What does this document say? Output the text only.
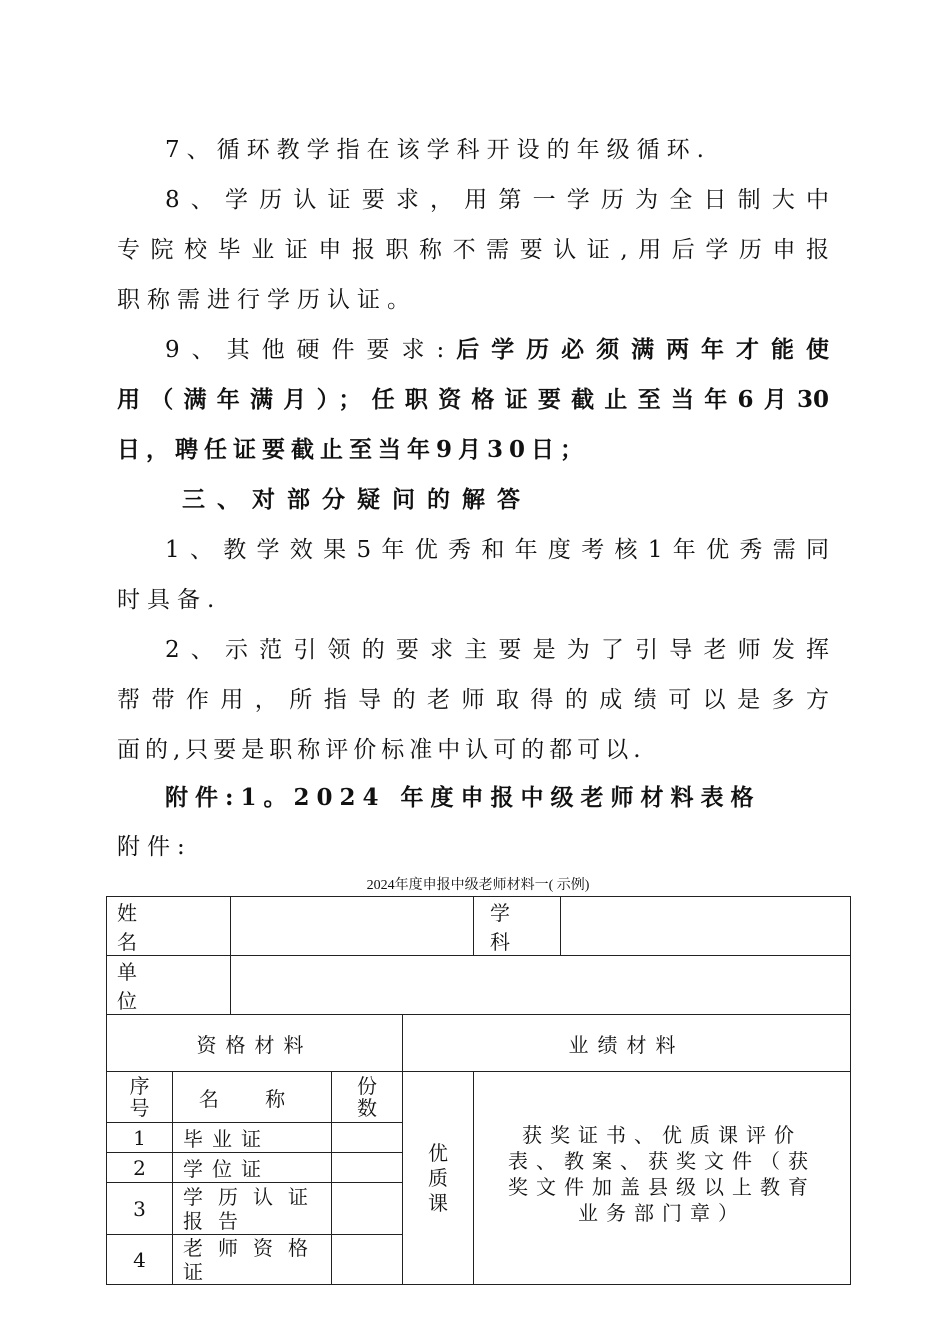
7、循环教学指在该学科开设的年级循环.
8、学历认证要求，用第一学历为全日制大中
专院校毕业证申报职称不需要认证,用后学历申报
职称需进行学历认证。
9、其他硬件要求:后学历必须满两年才能使
用（满年满月）；任职资格证要截止至当年6月30
日，聘任证要截止至当年9月30日；
三、对部分疑问的解答
1、教学效果5年优秀和年度考核1年优秀需同
时具备.
2、示范引领的要求主要是为了引导老师发挥
帮带作用，所指导的老师取得的成绩可以是多方
面的,只要是职称评价标准中认可的都可以.
附件:1。2024 年度申报中级老师材料表格
附件:
2024年度申报中级老师材料一( 示例)
姓 名					学 科	
单 位						
资格材料				业绩材料		
序号	名 称		份数	优质课	获奖证书、优质课评价表、教案、获奖文件（获奖文件加盖县级以上教育业务部门章）	
1	毕业证					
2	学位证					
3	学历认证报告					
4	老师资格证					
